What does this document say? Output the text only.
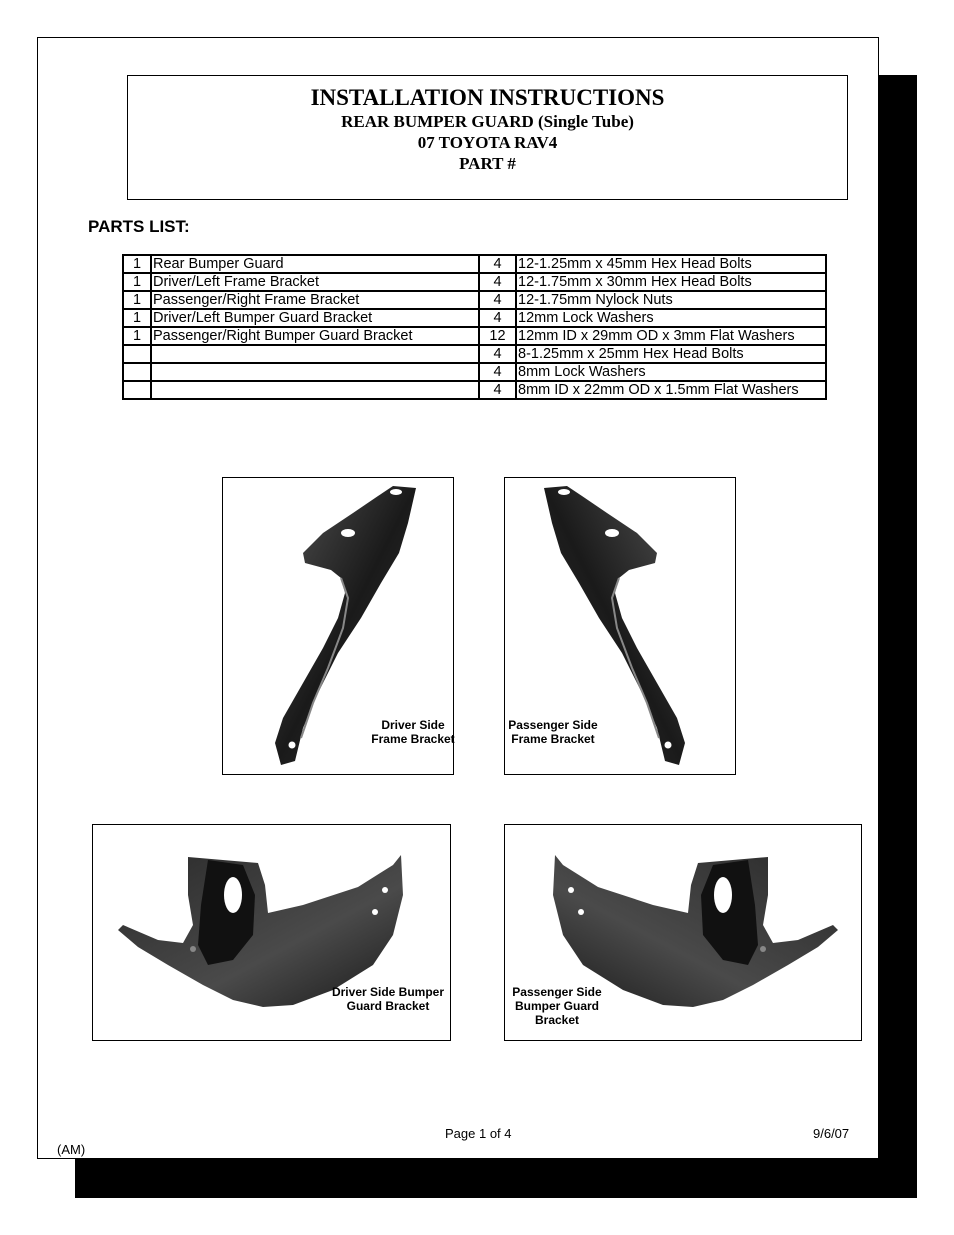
INSTALLATION INSTRUCTIONS
REAR BUMPER GUARD (Single Tube)
07 TOYOTA RAV4
PART #
PARTS LIST:
1	Rear Bumper Guard	4	12-1.25mm x 45mm Hex Head Bolts
1	Driver/Left Frame Bracket	4	12-1.75mm x 30mm Hex Head Bolts
1	Passenger/Right Frame Bracket	4	12-1.75mm Nylock Nuts
1	Driver/Left Bumper Guard Bracket	4	12mm Lock Washers
1	Passenger/Right Bumper Guard Bracket	12	12mm ID x 29mm OD x 3mm Flat Washers
		4	8-1.25mm x 25mm Hex Head Bolts
		4	8mm Lock Washers
		4	8mm ID x 22mm OD x 1.5mm Flat Washers
Driver Side
Frame Bracket
Passenger Side
Frame Bracket
Driver Side Bumper
Guard Bracket
Passenger Side
Bumper Guard
Bracket
Page 1 of 4	9/6/07
(AM)
